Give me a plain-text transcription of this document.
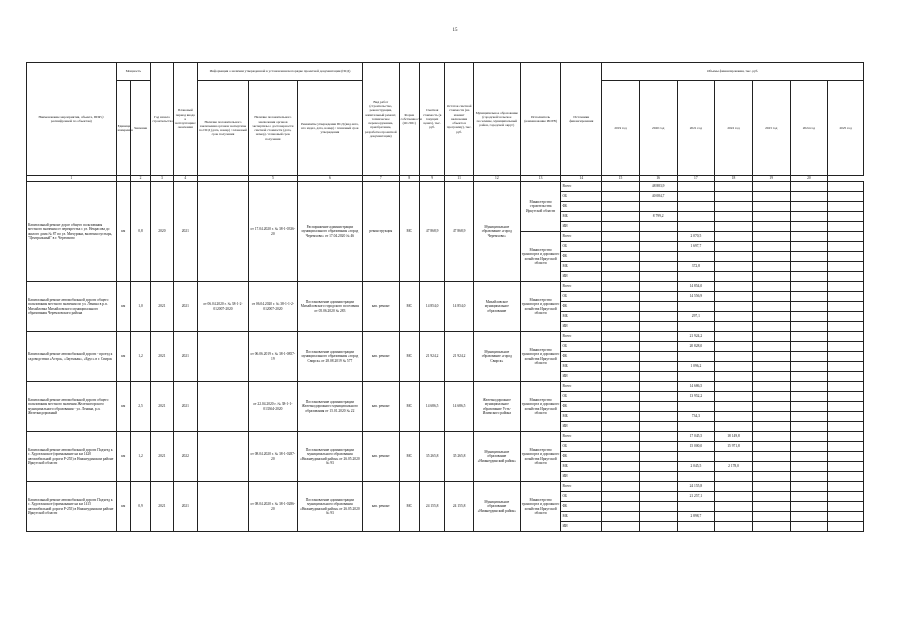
15
Наименование мероприятия, объекта, ПИР (с расшифровкой по объектам)	Мощность		Год начала строительства	Плановый период ввода в эксплуатацию/окончания	Информация о наличии утвержденной в установленном порядке проектной документации (ПСД)			Вид работ (строительство, реконструкция, капитальный ремонт, техническое перевооружение, приобретение, разработка проектной документации)	Форма собственности (ОС/МС)	Сметная стоимость (в текущих ценах), тыс. руб.	Остаток сметной стоимости (на момент включения объекта в программу), тыс. руб.	Муниципальное образование (городской/сельское поселение, муниципальный район, городской округ)	Исполнитель (наименование ИОГВ)	Источники финансирования	Объемы финансирования, тыс. руб.						
	Единица измерения	Значение			Наличие положительного заключения органов экспертизы по ПСД (дата, номер) / плановый срок получения	Наличие положительного заключения органов экспертизы о достоверности сметной стоимости (дата, номер) / плановый срок получения	Реквизиты утверждения ПСД (вид акта, кто издал, дата, номер) / плановый срок утверждения								2019 год	2020 год	2021 год	2022 год	2023 год	2024 год	2025 год
1		2	3	4		5	6	7	8	9	11	12	13	14	15	16	17	18	19	20	
Капитальный ремонт дорог общего пользования местного значения от перекрестка с ул. Некрасова до жилого дома № 87 по ул. Мичурина, включая пустырь, "Центральный" в г. Черемхово	км	0,8	2020	2021		от 17.04.2020 г. № 38-1-0336-20	Распоряжение администрации муниципального образования «город Черемхово» от 17.04.2020 № 46	реконструкция	МС	47 868,9	47 868,9	Муниципальное образование «город Черемхово»	Министерство строительства Иркутской области	Всего		48 883,9					
														ОБ		40 084,7					
														ФБ							
														МБ		8 799,2					
														ИИ							
													Министерство транспорта и дорожного хозяйства Иркутской области	Всего			2 070,5				
														ОБ			1 697,7				
														ФБ							
														МБ			372,8				
														ИИ							
Капитальный ремонт автомобильной дороги общего пользования местного значения по ул. Ленина в р.п. Михайловка Михайловского муниципального образования Черемховского района	км	1,0	2021	2021	от 06.04.2020 г. № 38-1-2-012007-2020	от 06.04.2020 г. № 38-1-1-2-012007-2020	Постановление администрации Михайловского городского поселения от 05.06.2020 № 283	кап. ремонт	МС	14 854,0	14 854,0	Михайловское муниципальное образование	Министерство транспорта и дорожного хозяйства Иркутской области	Всего			14 854,0				
														ОБ			14 556,9				
														ФБ							
														МБ			297,1				
														ИИ							
Капитальный ремонт автомобильной дороги - проезд к садоводствам «Астра», «Заутыкан», «Брус» в г. Свирск	км	1,2	2021	2021		от 06.06.2019 г. № 38-1-0857-19	Постановление администрации муниципального образования «город Свирск» от 28.08.2019 № 577	кап. ремонт	МС	21 924,2	21 924,2	Муниципальное образование «город Свирск»	Министерство транспорта и дорожного хозяйства Иркутской области	Всего			21 924,2				
														ОБ			20 828,0				
														ФБ							
														МБ			1 096,2				
														ИИ							
Капитальный ремонт автомобильной дороги общего пользования местного значения Железногорского муниципального образования - ул. Ленина, р.п. Железнодорожный	км	2,5	2021	2021		от 22.04.2020 г. № 38-1-1-013364-2020	Постановление администрации Железнодорожного муниципального образования от 15.01.2020 № 22	кап. ремонт	МС	14 686,5	14 686,5	Железнодорожное муниципальное образование Усть-Илимского района	Министерство транспорта и дорожного хозяйства Иркутской области	Всего			14 686,5				
														ОБ			13 952,2				
														ФБ							
														МБ			734,3				
														ИИ							
Капитальный ремонт автомобильной дороги Подъезд к с. Худоеланское (примыкание на км 1420 автомобильной дороги Р-255) в Нижнеудинском районе Иркутской области	км	1,2	2021	2022		от 08.04.2020 г. № 38-1-0287-20	Постановление администрации муниципального образования «Нижнеудинский район» от 26.05.2020 № 93	кап. ремонт	МС	35 265,8	35 265,8	Муниципальное образование «Нижнеудинский район»	Министерство транспорта и дорожного хозяйства Иркутской области	Всего			17 045,5	18 149,8			
														ОБ			15 000,0	15 971,8			
														ФБ							
														МБ			2 045,5	2 178,0			
														ИИ							
Капитальный ремонт автомобильной дороги Подъезд к с. Худоеланское (примыкание на км 1415 автомобильной дороги Р-255) в Нижнеудинском районе Иркутской области	км	0,9	2021	2021		от 08.04.2020 г. № 38-1-0286-20	Постановление администрации муниципального образования «Нижнеудинский район» от 26.05.2020 № 93	кап. ремонт	МС	24 155,8	24 155,8	Муниципальное образование «Нижнеудинский район»	Министерство транспорта и дорожного хозяйства Иркутской области	Всего			24 155,8				
														ОБ			21 257,1				
														ФБ							
														МБ			2 898,7				
														ИИ							
